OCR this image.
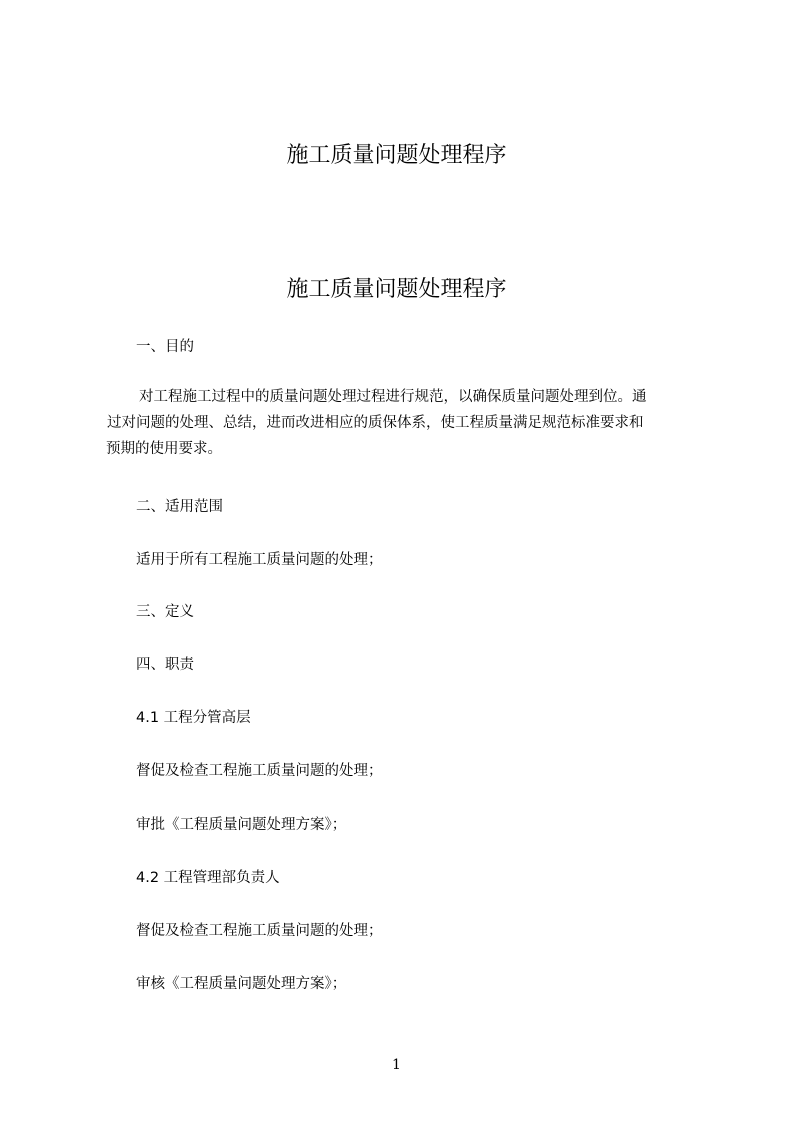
施工质量问题处理程序
施工质量问题处理程序
一、目的
对工程施工过程中的质量问题处理过程进行规范，以确保质量问题处理到位。通
过对问题的处理、总结，进而改进相应的质保体系，使工程质量满足规范标准要求和
预期的使用要求。
二、适用范围
适用于所有工程施工质量问题的处理；
三、定义
四、职责
4.1 工程分管高层
督促及检查工程施工质量问题的处理；
审批《工程质量问题处理方案》；
4.2 工程管理部负责人
督促及检查工程施工质量问题的处理；
审核《工程质量问题处理方案》；
1
